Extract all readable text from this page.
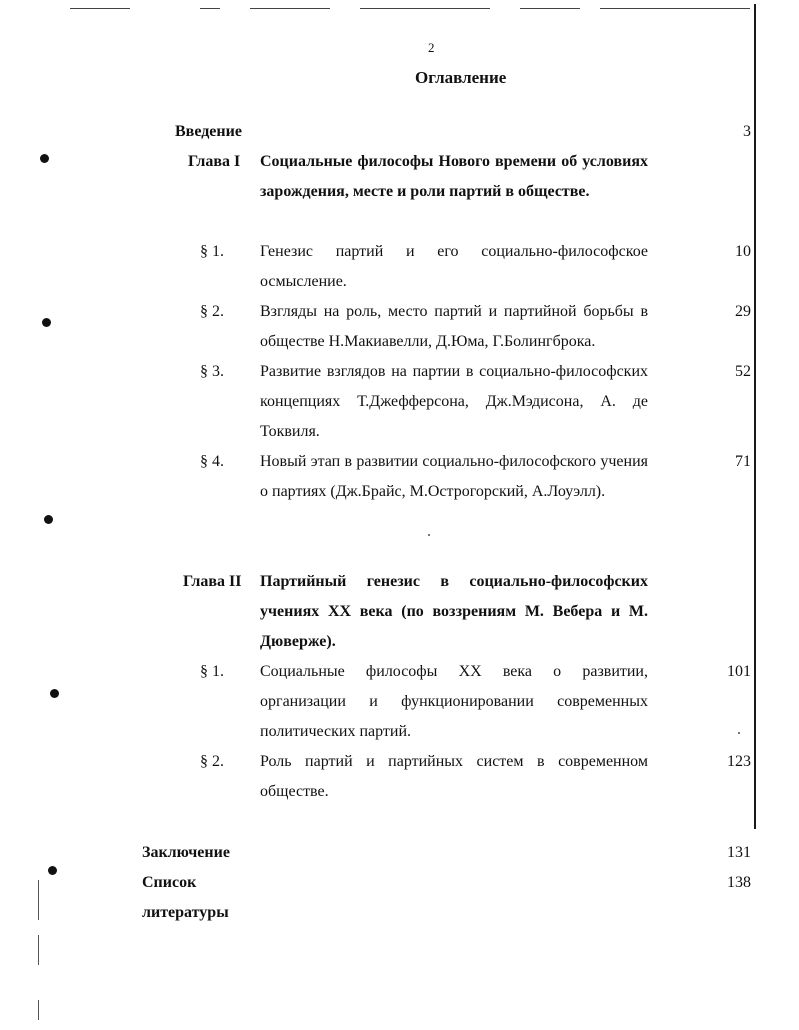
2
Оглавление
Введение	3
Глава I Социальные философы Нового времени об условиях зарождения, месте и роли партий в обществе.
§ 1. Генезис партий и его социально-философское осмысление.
10
§ 2. Взгляды на роль, место партий и партийной борьбы в обществе Н.Макиавелли, Д.Юма, Г.Болингброка.
29
§ 3. Развитие взглядов на партии в социально-философских концепциях Т.Джефферсона, Дж.Мэдисона, А. де Токвиля.
52
§ 4. Новый этап в развитии социально-философского учения о партиях (Дж.Брайс, М.Острогорский, А.Лоуэлл).
71
Глава II Партийный генезис в социально-философских учениях XX века (по воззрениям М. Вебера и М. Дюверже).
§ 1. Социальные философы XX века о развитии, организации и функционировании современных политических партий.
101
§ 2. Роль партий и партийных систем в современном обществе.
123
Заключение	131
Список литературы
138
